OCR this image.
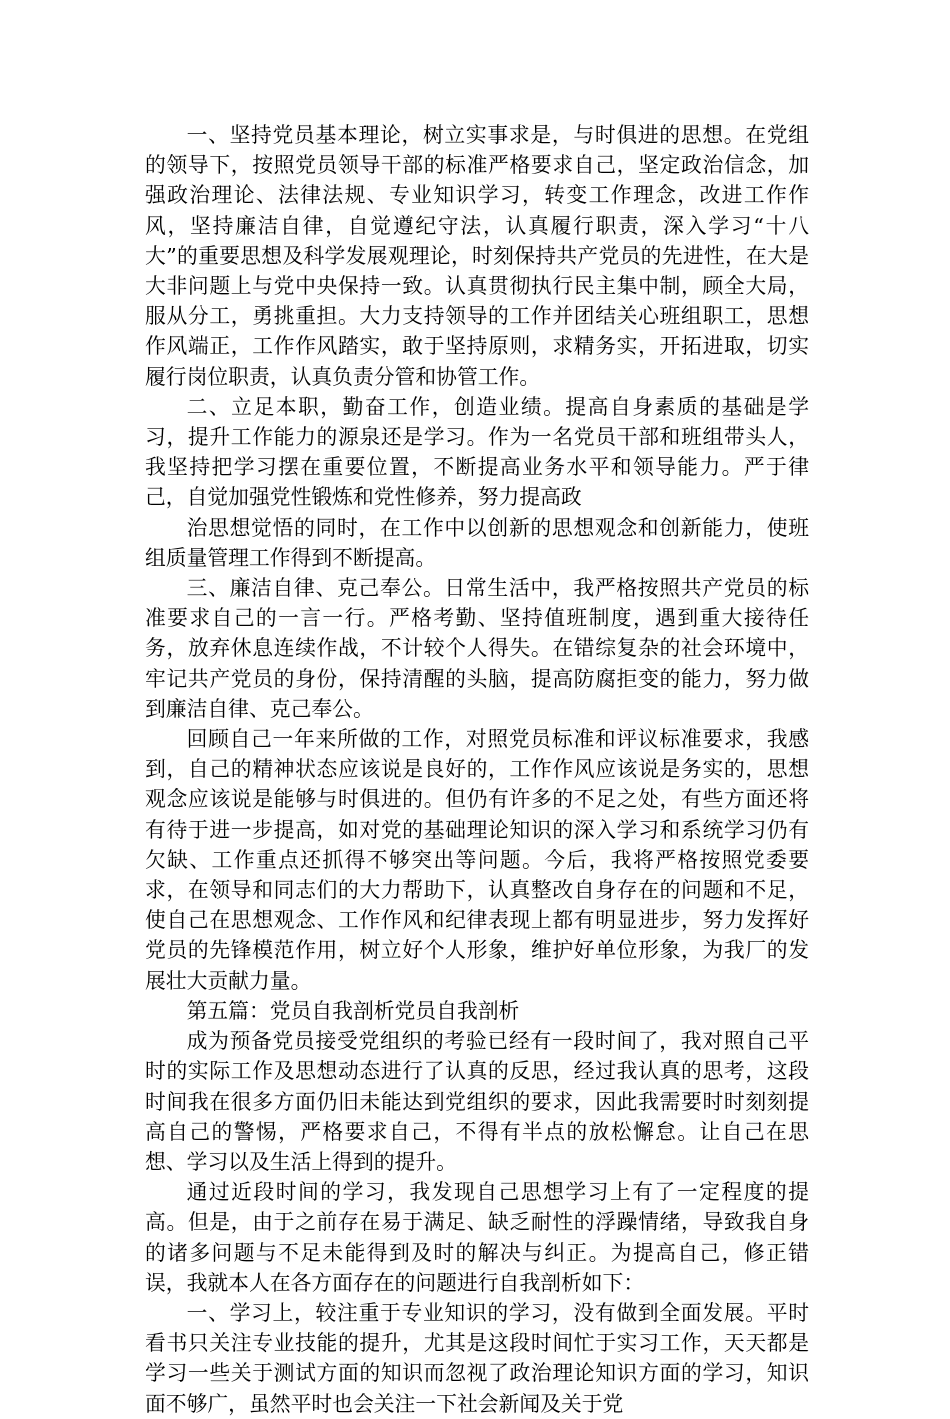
一、坚持党员基本理论，树立实事求是，与时俱进的思想。在党组的领导下，按照党员领导干部的标准严格要求自己，坚定政治信念，加强政治理论、法律法规、专业知识学习，转变工作理念，改进工作作风，坚持廉洁自律，自觉遵纪守法，认真履行职责，深入学习“十八大”的重要思想及科学发展观理论，时刻保持共产党员的先进性，在大是大非问题上与党中央保持一致。认真贯彻执行民主集中制，顾全大局，服从分工，勇挑重担。大力支持领导的工作并团结关心班组职工，思想作风端正，工作作风踏实，敢于坚持原则，求精务实，开拓进取，切实履行岗位职责，认真负责分管和协管工作。

二、立足本职，勤奋工作，创造业绩。提高自身素质的基础是学习，提升工作能力的源泉还是学习。作为一名党员干部和班组带头人，我坚持把学习摆在重要位置，不断提高业务水平和领导能力。严于律己，自觉加强党性锻炼和党性修养，努力提高政

治思想觉悟的同时，在工作中以创新的思想观念和创新能力，使班组质量管理工作得到不断提高。

三、廉洁自律、克己奉公。日常生活中，我严格按照共产党员的标准要求自己的一言一行。严格考勤、坚持值班制度，遇到重大接待任务，放弃休息连续作战，不计较个人得失。在错综复杂的社会环境中，牢记共产党员的身份，保持清醒的头脑，提高防腐拒变的能力，努力做到廉洁自律、克己奉公。

回顾自己一年来所做的工作，对照党员标准和评议标准要求，我感到，自己的精神状态应该说是良好的，工作作风应该说是务实的，思想观念应该说是能够与时俱进的。但仍有许多的不足之处，有些方面还将有待于进一步提高，如对党的基础理论知识的深入学习和系统学习仍有欠缺、工作重点还抓得不够突出等问题。今后，我将严格按照党委要求，在领导和同志们的大力帮助下，认真整改自身存在的问题和不足，使自己在思想观念、工作作风和纪律表现上都有明显进步，努力发挥好党员的先锋模范作用，树立好个人形象，维护好单位形象，为我厂的发展壮大贡献力量。

第五篇：党员自我剖析党员自我剖析

成为预备党员接受党组织的考验已经有一段时间了，我对照自己平时的实际工作及思想动态进行了认真的反思，经过我认真的思考，这段时间我在很多方面仍旧未能达到党组织的要求，因此我需要时时刻刻提高自己的警惕，严格要求自己，不得有半点的放松懈怠。让自己在思想、学习以及生活上得到的提升。

通过近段时间的学习，我发现自己思想学习上有了一定程度的提高。但是，由于之前存在易于满足、缺乏耐性的浮躁情绪，导致我自身的诸多问题与不足未能得到及时的解决与纠正。为提高自己，修正错误，我就本人在各方面存在的问题进行自我剖析如下：

一、学习上，较注重于专业知识的学习，没有做到全面发展。平时看书只关注专业技能的提升，尤其是这段时间忙于实习工作，天天都是学习一些关于测试方面的知识而忽视了政治理论知识方面的学习，知识面不够广，虽然平时也会关注一下社会新闻及关于党
